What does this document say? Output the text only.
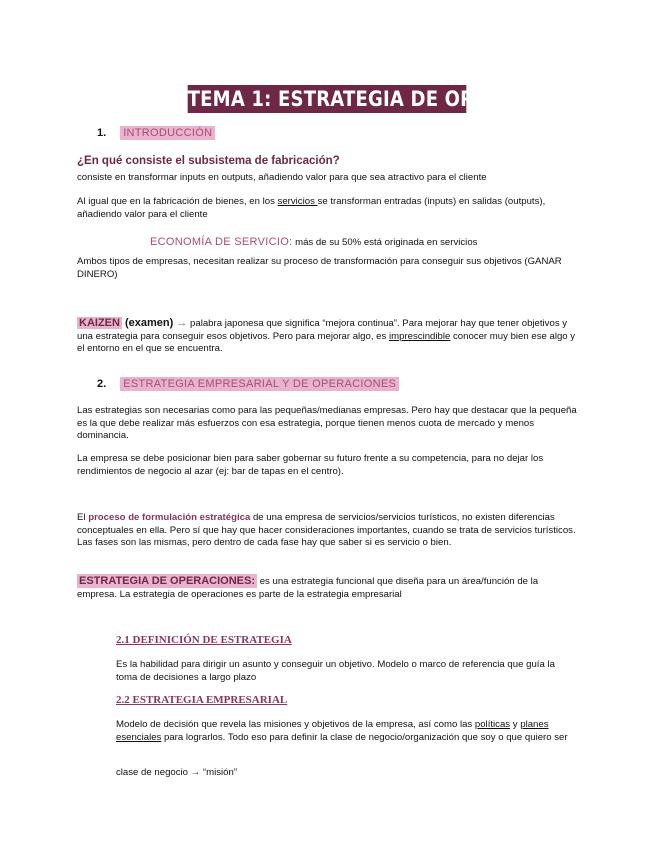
TEMA 1: ESTRATEGIA DE OPERACIONES
1. INTRODUCCIÓN
¿En qué consiste el subsistema de fabricación?
consiste en transformar inputs en outputs, añadiendo valor para que sea atractivo para el cliente
Al igual que en la fabricación de bienes, en los servicios se transforman entradas (inputs) en salidas (outputs), añadiendo valor para el cliente
ECONOMÍA DE SERVICIO: más de su 50% está originada en servicios
Ambos tipos de empresas, necesitan realizar su proceso de transformación para conseguir sus objetivos (GANAR DINERO)
KAIZEN (examen) → palabra japonesa que significa “mejora continua”. Para mejorar hay que tener objetivos y una estrategia para conseguir esos objetivos. Pero para mejorar algo, es imprescindible conocer muy bien ese algo y el entorno en el que se encuentra.
2. ESTRATEGIA EMPRESARIAL Y DE OPERACIONES
Las estrategias son necesarias como para las pequeñas/medianas empresas. Pero hay que destacar que la pequeña es la que debe realizar más esfuerzos con esa estrategia, porque tienen menos cuota de mercado y menos dominancia.
La empresa se debe posicionar bien para saber gobernar su futuro frente a su competencia, para no dejar los rendimientos de negocio al azar (ej: bar de tapas en el centro).
El proceso de formulación estratégica de una empresa de servicios/servicios turísticos, no existen diferencias conceptuales en ella. Pero sí que hay que hacer consideraciones importantes, cuando se trata de servicios turísticos. Las fases son las mismas, pero dentro de cada fase hay que saber si es servicio o bien.
ESTRATEGIA DE OPERACIONES: es una estrategia funcional que diseña para un área/función de la empresa. La estrategia de operaciones es parte de la estrategia empresarial
2.1 DEFINICIÓN DE ESTRATEGIA
Es la habilidad para dirigir un asunto y conseguir un objetivo. Modelo o marco de referencia que guía la toma de decisiones a largo plazo
2.2 ESTRATEGIA EMPRESARIAL
Modelo de decisión que revela las misiones y objetivos de la empresa, así como las políticas y planes esenciales para lograrlos. Todo eso para definir la clase de negocio/organización que soy o que quiero ser
clase de negocio → “misión”
